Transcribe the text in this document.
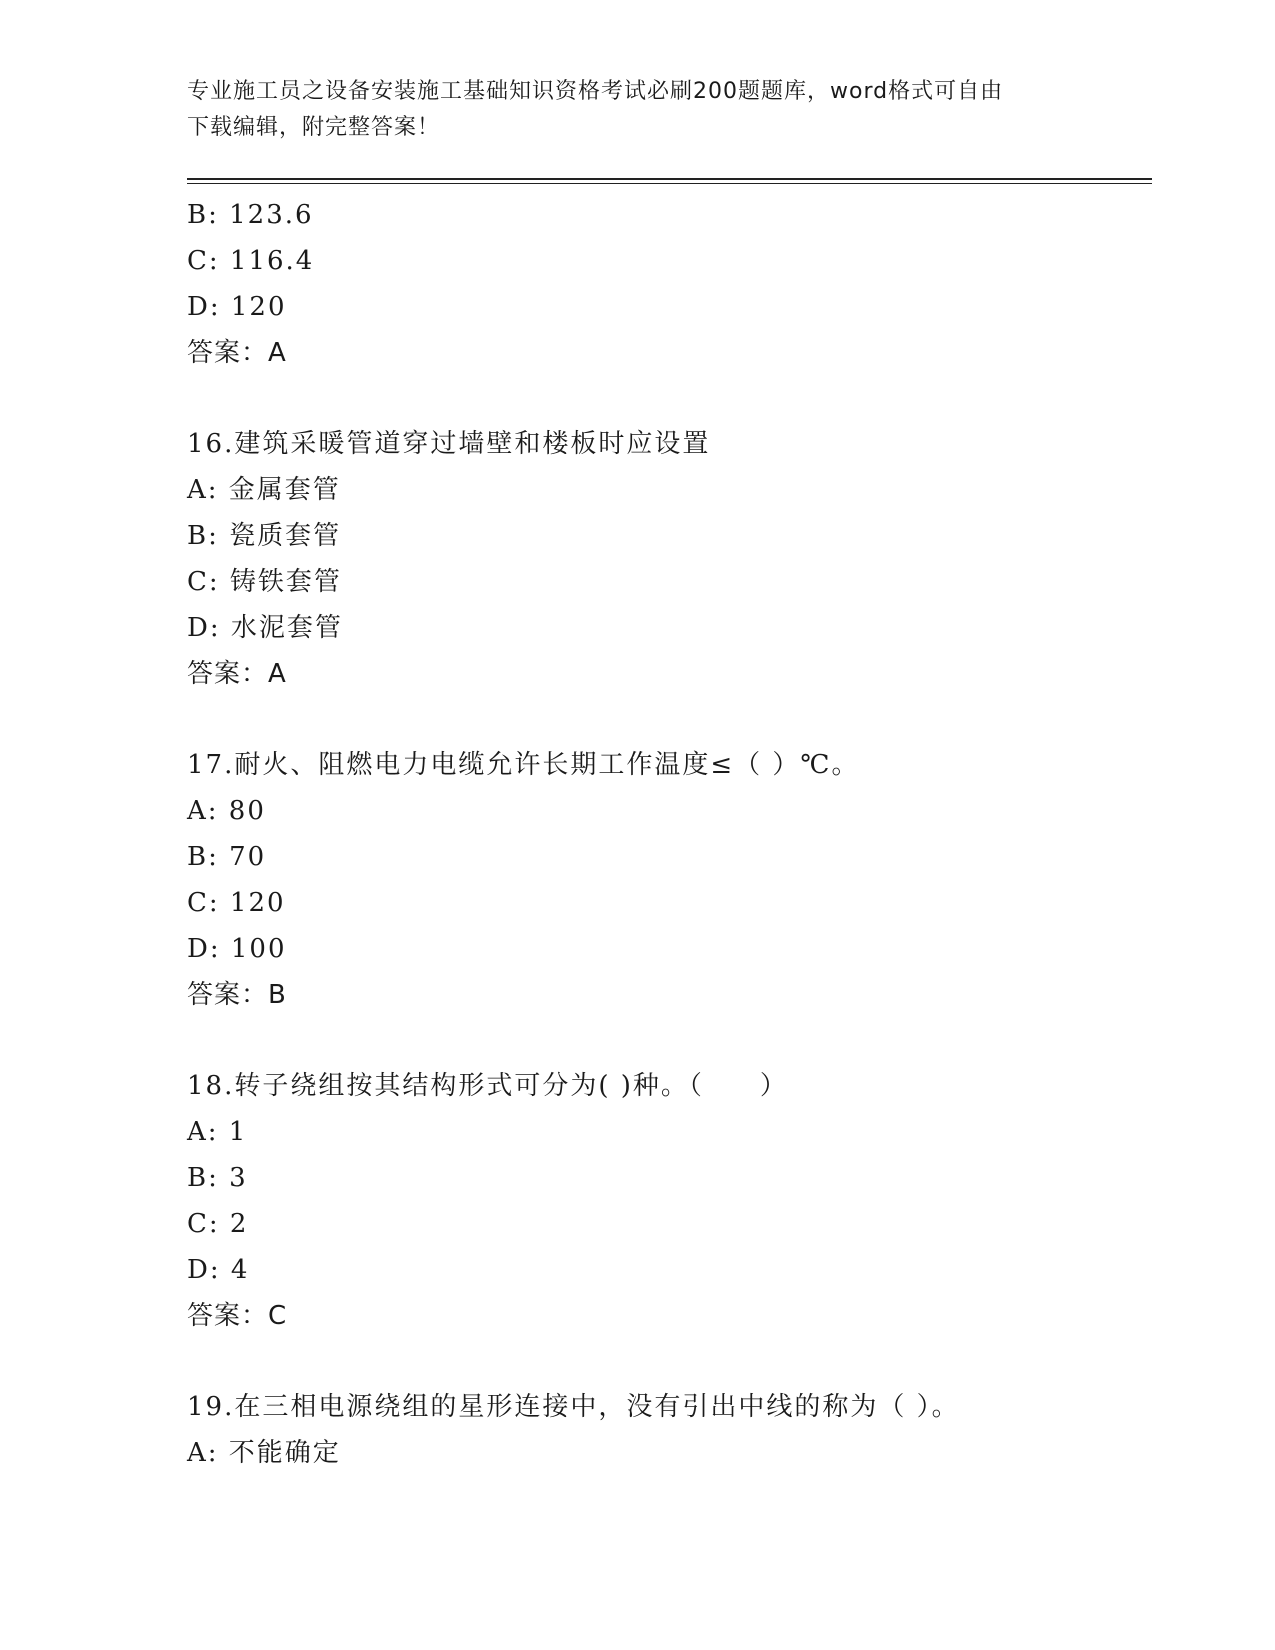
专业施工员之设备安装施工基础知识资格考试必刷200题题库，word格式可自由
下载编辑，附完整答案！
B: 123.6
C: 116.4
D: 120
答案：A
16.建筑采暖管道穿过墙壁和楼板时应设置
A: 金属套管
B: 瓷质套管
C: 铸铁套管
D: 水泥套管
答案：A
17.耐火、阻燃电力电缆允许长期工作温度≤（ ）℃。
A: 80
B: 70
C: 120
D: 100
答案：B
18.转子绕组按其结构形式可分为( )种。（　　）
A: 1
B: 3
C: 2
D: 4
答案：C
19.在三相电源绕组的星形连接中，没有引出中线的称为（ ）。
A: 不能确定
